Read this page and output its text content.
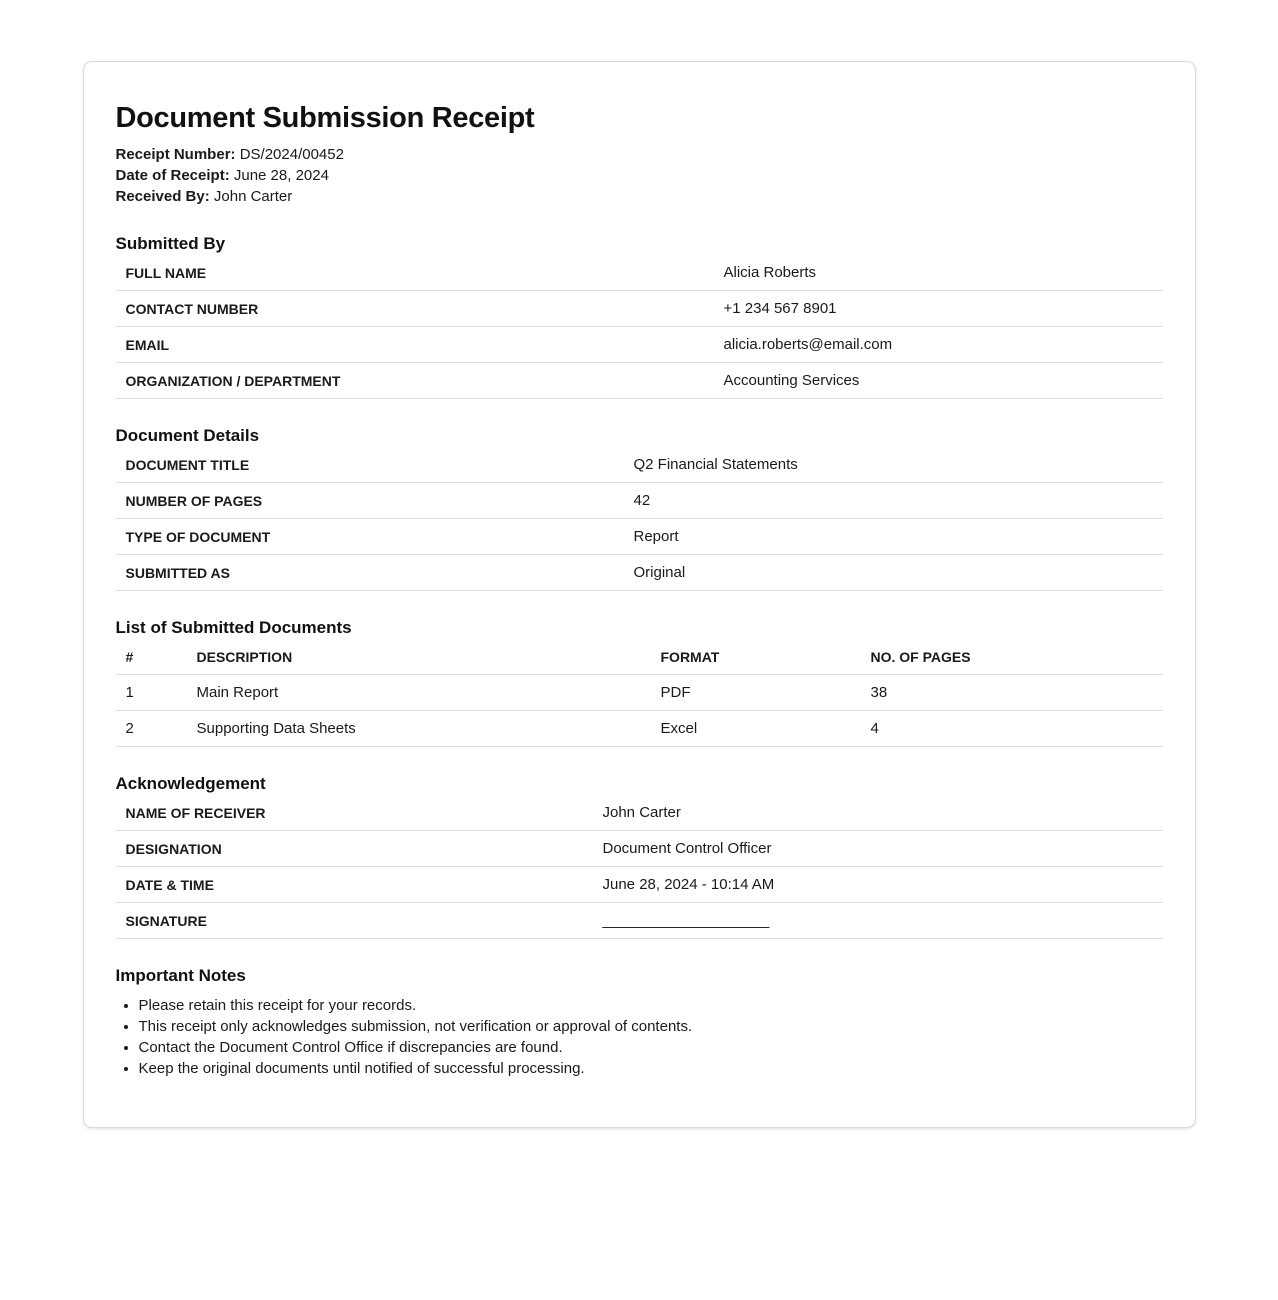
Document Submission Receipt
Receipt Number: DS/2024/00452
Date of Receipt: June 28, 2024
Received By: John Carter
Submitted By
FULL NAME	Alicia Roberts
CONTACT NUMBER	+1 234 567 8901
EMAIL	alicia.roberts@email.com
ORGANIZATION / DEPARTMENT	Accounting Services
Document Details
DOCUMENT TITLE	Q2 Financial Statements
NUMBER OF PAGES	42
TYPE OF DOCUMENT	Report
SUBMITTED AS	Original
List of Submitted Documents
#	DESCRIPTION	FORMAT	NO. OF PAGES
1	Main Report	PDF	38
2	Supporting Data Sheets	Excel	4
Acknowledgement
NAME OF RECEIVER	John Carter
DESIGNATION	Document Control Officer
DATE & TIME	June 28, 2024 - 10:14 AM
SIGNATURE	____________________
Important Notes
• Please retain this receipt for your records.
• This receipt only acknowledges submission, not verification or approval of contents.
• Contact the Document Control Office if discrepancies are found.
• Keep the original documents until notified of successful processing.
